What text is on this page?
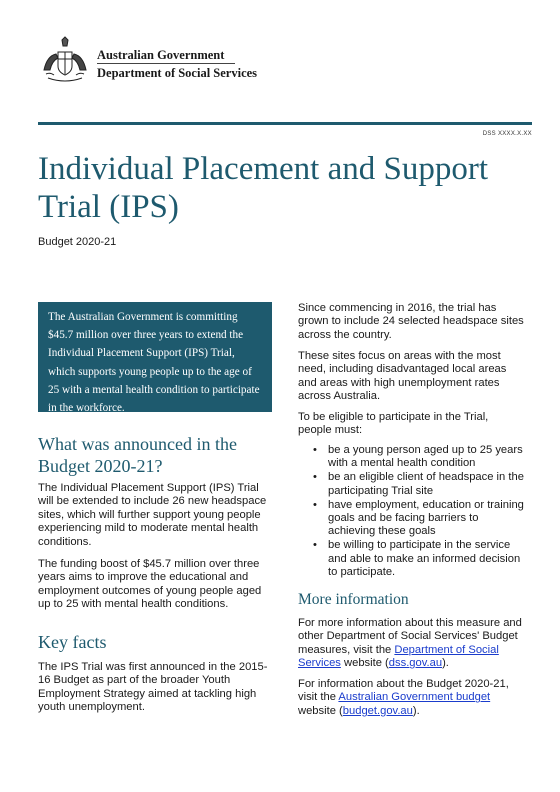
Australian Government
Department of Social Services
DSS XXXX.X.XX
Individual Placement and Support Trial (IPS)
Budget 2020-21
The Australian Government is committing $45.7 million over three years to extend the Individual Placement Support (IPS) Trial, which supports young people up to the age of 25 with a mental health condition to participate in the workforce.
What was announced in the Budget 2020-21?
The Individual Placement Support (IPS) Trial will be extended to include 26 new headspace sites, which will further support young people experiencing mild to moderate mental health conditions.
The funding boost of $45.7 million over three years aims to improve the educational and employment outcomes of young people aged up to 25 with mental health conditions.
Key facts
The IPS Trial was first announced in the 2015-16 Budget as part of the broader Youth Employment Strategy aimed at tackling high youth unemployment.
Since commencing in 2016, the trial has grown to include 24 selected headspace sites across the country.
These sites focus on areas with the most need, including disadvantaged local areas and areas with high unemployment rates across Australia.
To be eligible to participate in the Trial, people must:
• be a young person aged up to 25 years with a mental health condition
• be an eligible client of headspace in the participating Trial site
• have employment, education or training goals and be facing barriers to achieving these goals
• be willing to participate in the service and able to make an informed decision to participate.
More information
For more information about this measure and other Department of Social Services' Budget measures, visit the Department of Social Services website (dss.gov.au).
For information about the Budget 2020-21, visit the Australian Government budget website (budget.gov.au).
